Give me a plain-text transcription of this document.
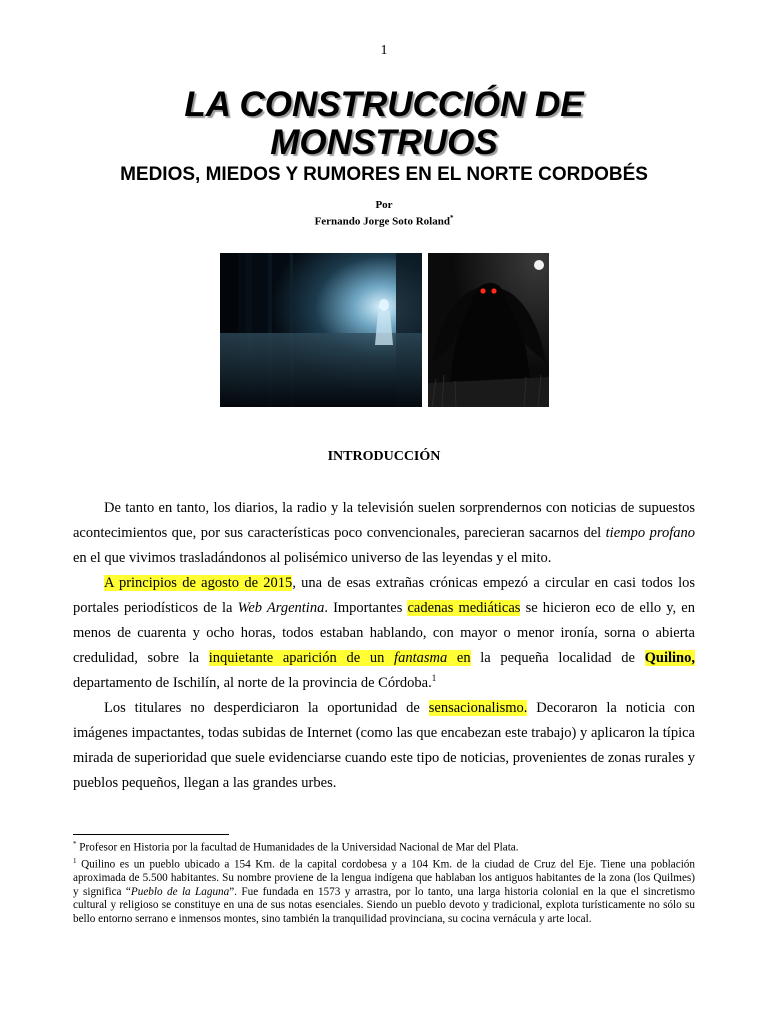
1
LA CONSTRUCCIÓN DE
MONSTRUOS
MEDIOS, MIEDOS Y RUMORES EN EL NORTE CORDOBÉS
Por
Fernando Jorge Soto Roland*
INTRODUCCIÓN

De tanto en tanto, los diarios, la radio y la televisión suelen sorprendernos con noticias de supuestos acontecimientos que, por sus características poco convencionales, parecieran sacarnos del tiempo profano en el que vivimos trasladándonos al polisémico universo de las leyendas y el mito.

A principios de agosto de 2015, una de esas extrañas crónicas empezó a circular en casi todos los portales periodísticos de la Web Argentina. Importantes cadenas mediáticas se hicieron eco de ello y, en menos de cuarenta y ocho horas, todos estaban hablando, con mayor o menor ironía, sorna o abierta credulidad, sobre la inquietante aparición de un fantasma en la pequeña localidad de Quilino, departamento de Ischilín, al norte de la provincia de Córdoba.$^1$

Los titulares no desperdiciaron la oportunidad de sensacionalismo. Decoraron la noticia con imágenes impactantes, todas subidas de Internet (como las que encabezan este trabajo) y aplicaron la típica mirada de superioridad que suele evidenciarse cuando este tipo de noticias, provenientes de zonas rurales y pueblos pequeños, llegan a las grandes urbes.

* Profesor en Historia por la facultad de Humanidades de la Universidad Nacional de Mar del Plata.

$^1$ Quilino es un pueblo ubicado a 154 Km. de la capital cordobesa y a 104 Km. de la ciudad de Cruz del Eje. Tiene una población aproximada de 5.500 habitantes. Su nombre proviene de la lengua indígena que hablaban los antiguos habitantes de la zona (los Quilmes) y significa “Pueblo de la Laguna”. Fue fundada en 1573 y arrastra, por lo tanto, una larga historia colonial en la que el sincretismo cultural y religioso se constituye en una de sus notas esenciales. Siendo un pueblo devoto y tradicional, explota turísticamente no sólo su bello entorno serrano e inmensos montes, sino también la tranquilidad provinciana, su cocina vernácula y arte local.
